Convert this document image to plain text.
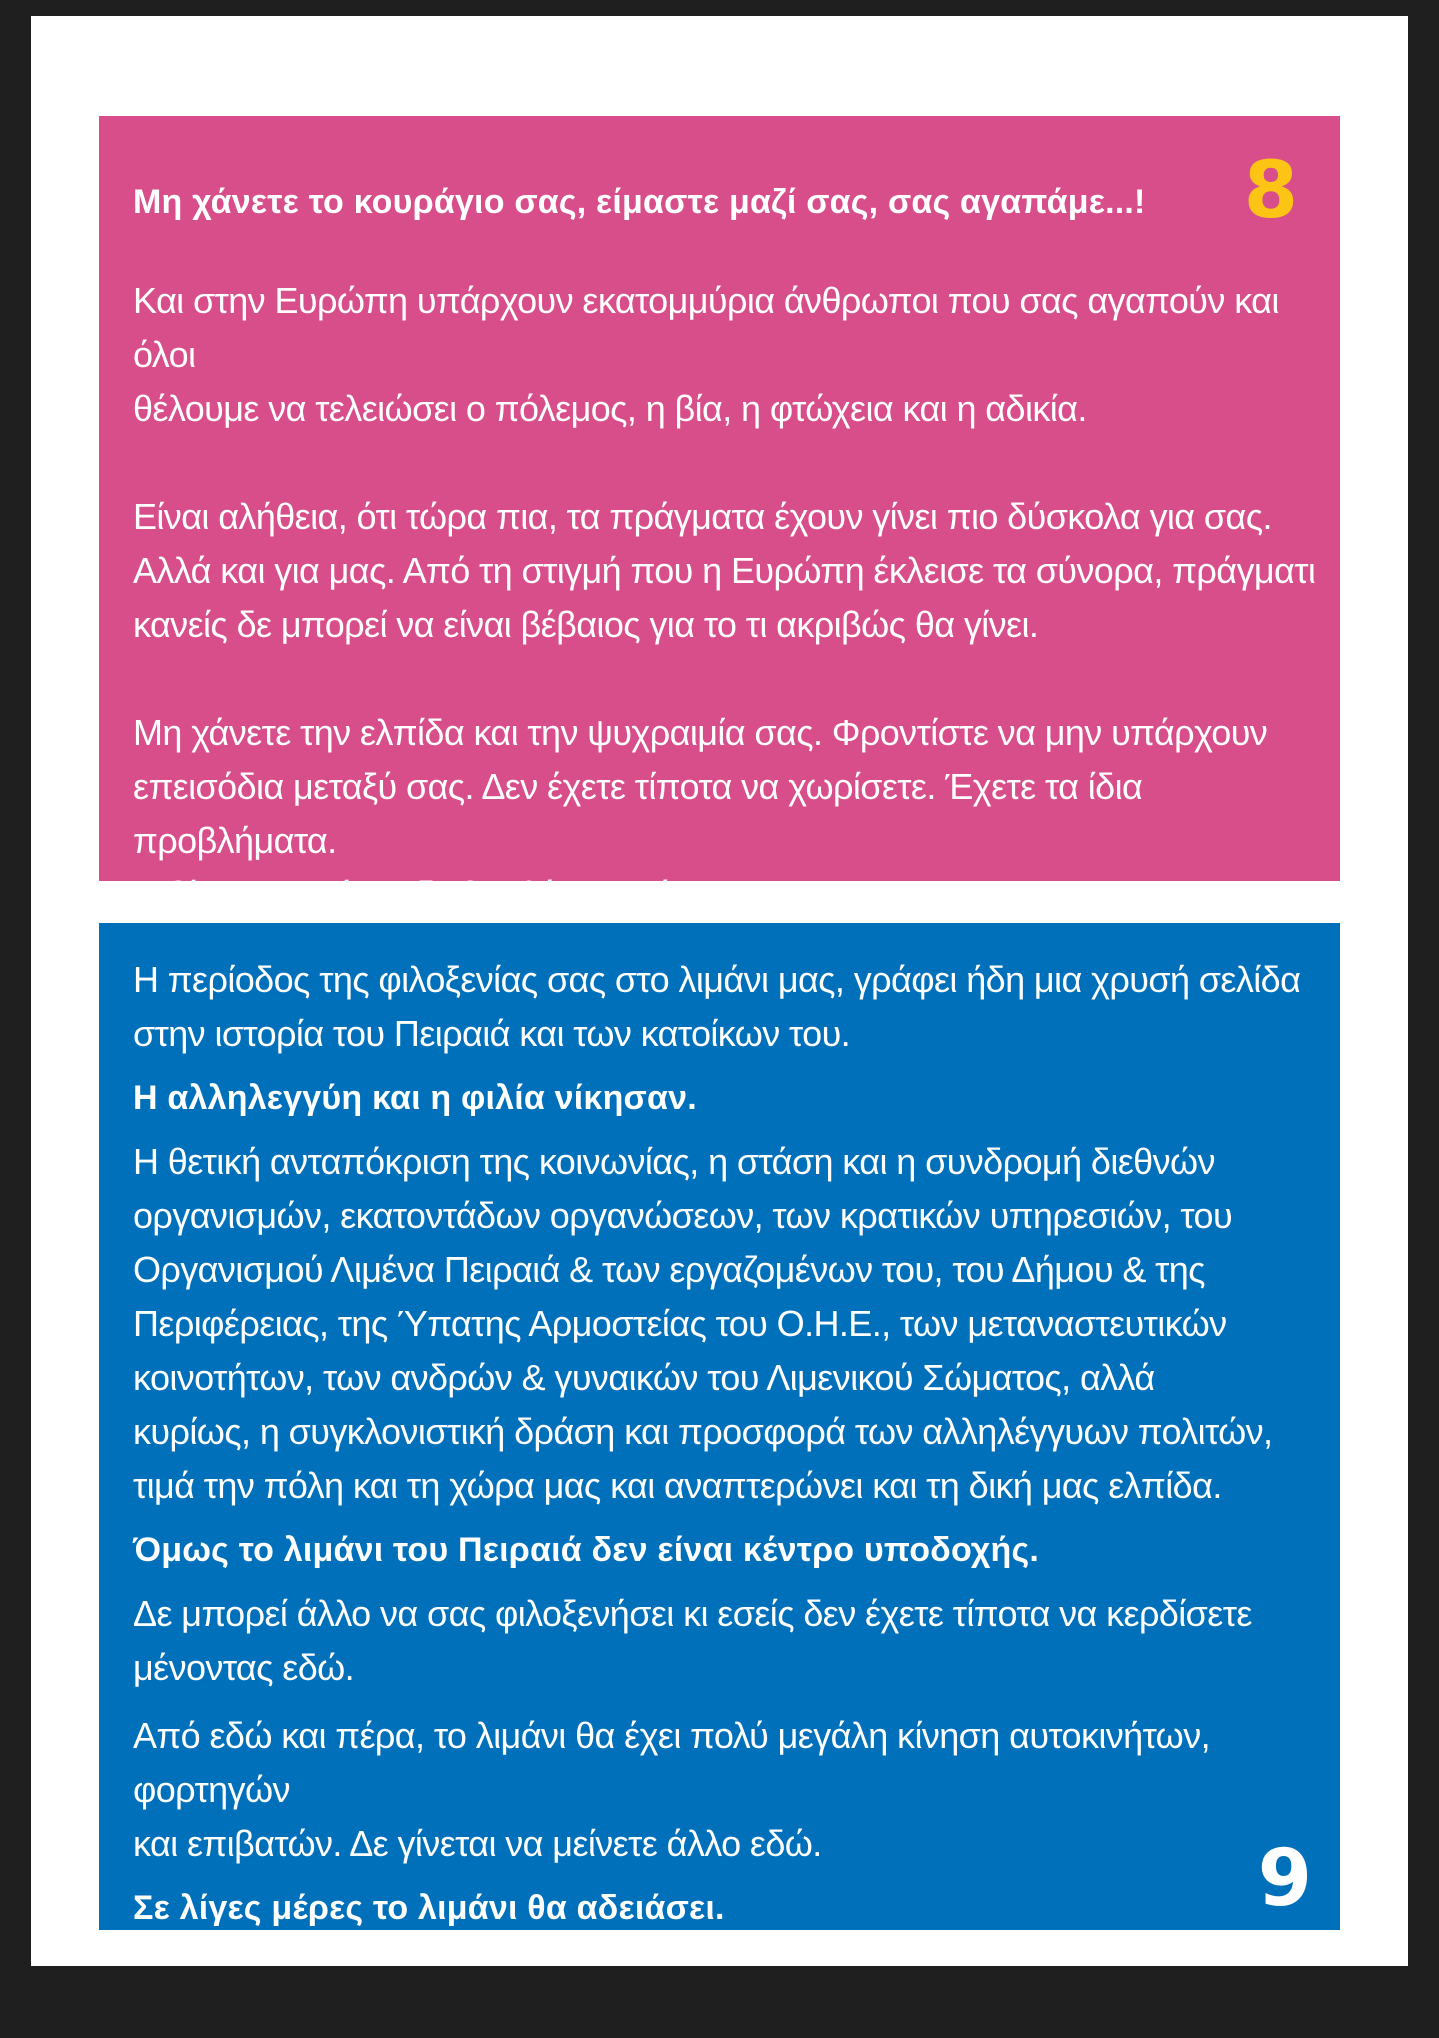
8

Μη χάνετε το κουράγιο σας, είμαστε μαζί σας, σας αγαπάμε...!

Και στην Ευρώπη υπάρχουν εκατομμύρια άνθρωποι που σας αγαπούν και όλοι
θέλουμε να τελειώσει ο πόλεμος, η βία, η φτώχεια και η αδικία.

Είναι αλήθεια, ότι τώρα πια, τα πράγματα έχουν γίνει πιο δύσκολα για σας.
Αλλά και για μας. Από τη στιγμή που η Ευρώπη έκλεισε τα σύνορα, πράγματι
κανείς δε μπορεί να είναι βέβαιος για το τι ακριβώς θα γίνει.

Μη χάνετε την ελπίδα και την ψυχραιμία σας. Φροντίστε να μην υπάρχουν
επεισόδια μεταξύ σας. Δεν έχετε τίποτα να χωρίσετε. Έχετε τα ίδια προβλήματα.
Η βία και το μίσος δε βοηθάνε κανέναν.

Η περίοδος της φιλοξενίας σας στο λιμάνι μας, γράφει ήδη μια χρυσή σελίδα
στην ιστορία του Πειραιά και των κατοίκων του.

Η αλληλεγγύη και η φιλία νίκησαν.

Η θετική ανταπόκριση της κοινωνίας, η στάση και η συνδρομή διεθνών
οργανισμών, εκατοντάδων οργανώσεων, των κρατικών υπηρεσιών, του
Οργανισμού Λιμένα Πειραιά & των εργαζομένων του, του Δήμου & της
Περιφέρειας, της Ύπατης Αρμοστείας του Ο.Η.Ε., των μεταναστευτικών
κοινοτήτων, των ανδρών & γυναικών του Λιμενικού Σώματος, αλλά
κυρίως, η συγκλονιστική δράση και προσφορά των αλληλέγγυων πολιτών,
τιμά την πόλη και τη χώρα μας και αναπτερώνει και τη δική μας ελπίδα.

Όμως το λιμάνι του Πειραιά δεν είναι κέντρο υποδοχής.

Δε μπορεί άλλο να σας φιλοξενήσει κι εσείς δεν έχετε τίποτα να κερδίσετε
μένοντας εδώ.

Από εδώ και πέρα, το λιμάνι θα έχει πολύ μεγάλη κίνηση αυτοκινήτων, φορτηγών
και επιβατών. Δε γίνεται να μείνετε άλλο εδώ.

Σε λίγες μέρες το λιμάνι θα αδειάσει.	9
